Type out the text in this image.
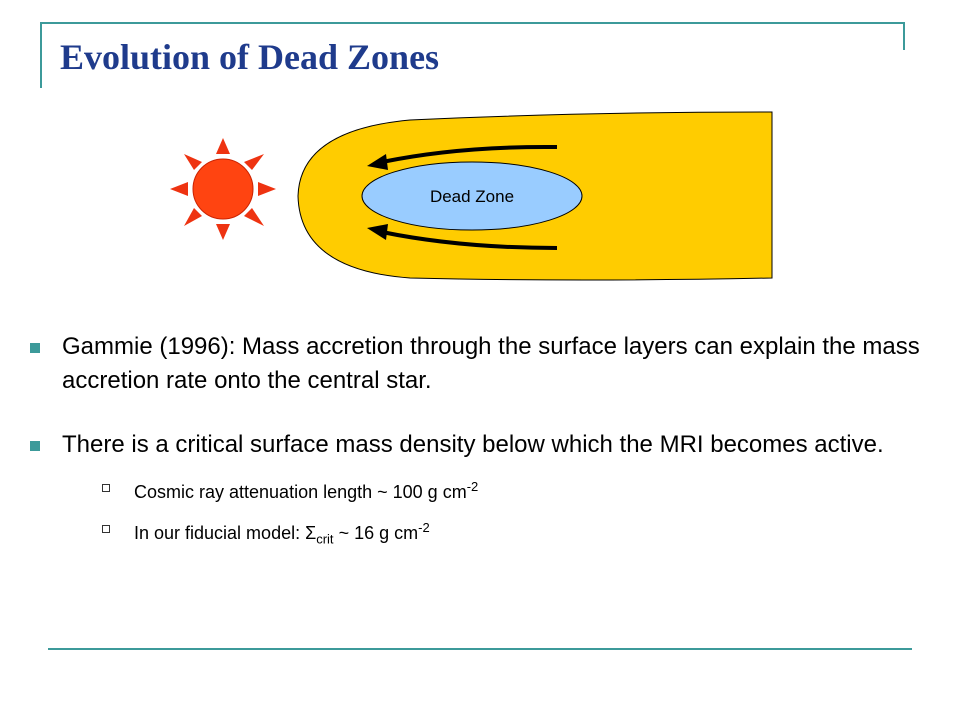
Evolution of Dead Zones
Dead Zone
Gammie (1996): Mass accretion through the surface layers can explain the mass accretion rate onto the central star.
There is a critical surface mass density below which the MRI becomes active.
Cosmic ray attenuation length ~ 100 g $cm^{-2}$
In our fiducial model: $\Sigma_{crit}$ ~ 16 g $cm^{-2}$
